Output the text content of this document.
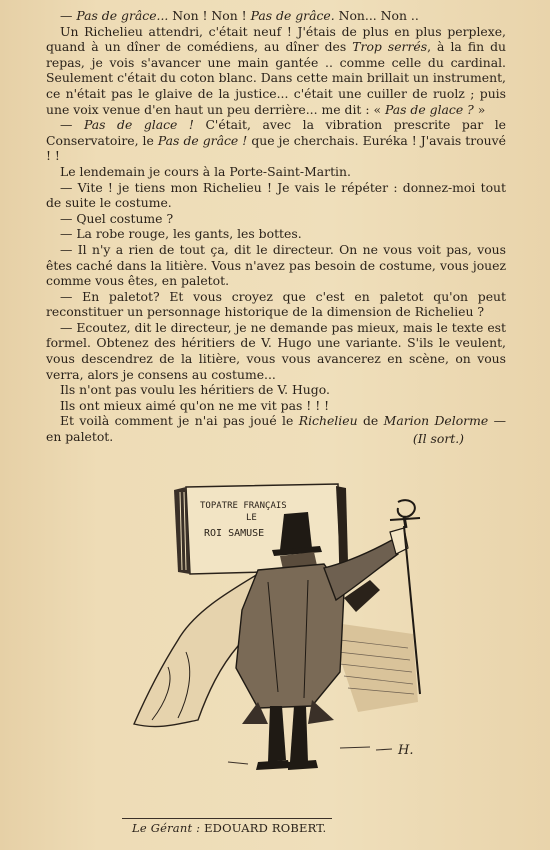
— Pas de grâce... Non ! Non ! Pas de grâce. Non... Non ..

Un Richelieu attendri, c'était neuf ! J'étais de plus en plus perplexe, quand à un dîner de comédiens, au dîner des Trop serrés, à la fin du repas, je vois s'avancer une main gantée .. comme celle du cardinal. Seulement c'était du coton blanc. Dans cette main brillait un instrument, ce n'était pas le glaive de la justice... c'était une cuiller de ruolz ; puis une voix venue d'en haut un peu derrière... me dit : « Pas de glace ? »

— Pas de glace ! C'était, avec la vibration prescrite par le Conservatoire, le Pas de grâce ! que je cherchais. Euréka ! J'avais trouvé ! !

Le lendemain je cours à la Porte-Saint-Martin.

— Vite ! je tiens mon Richelieu ! Je vais le répéter : donnez-moi tout de suite le costume.

— Quel costume ?

— La robe rouge, les gants, les bottes.

— Il n'y a rien de tout ça, dit le directeur. On ne vous voit pas, vous êtes caché dans la litière. Vous n'avez pas besoin de costume, vous jouez comme vous êtes, en paletot.

— En paletot? Et vous croyez que c'est en paletot qu'on peut reconstituer un personnage historique de la dimension de Richelieu ?

— Ecoutez, dit le directeur, je ne demande pas mieux, mais le texte est formel. Obtenez des héritiers de V. Hugo une variante. S'ils le veulent, vous descendrez de la litière, vous vous avancerez en scène, on vous verra, alors je consens au costume...

Ils n'ont pas voulu les héritiers de V. Hugo.

Ils ont mieux aimé qu'on ne me vit pas ! ! !

Et voilà comment je n'ai pas joué le Richelieu de Marion Delorme — en paletot.	(Il sort.)
TOPATRE FRANÇAIS
LE
ROI SAMUSE
H.
Le Gérant : EDOUARD ROBERT.
